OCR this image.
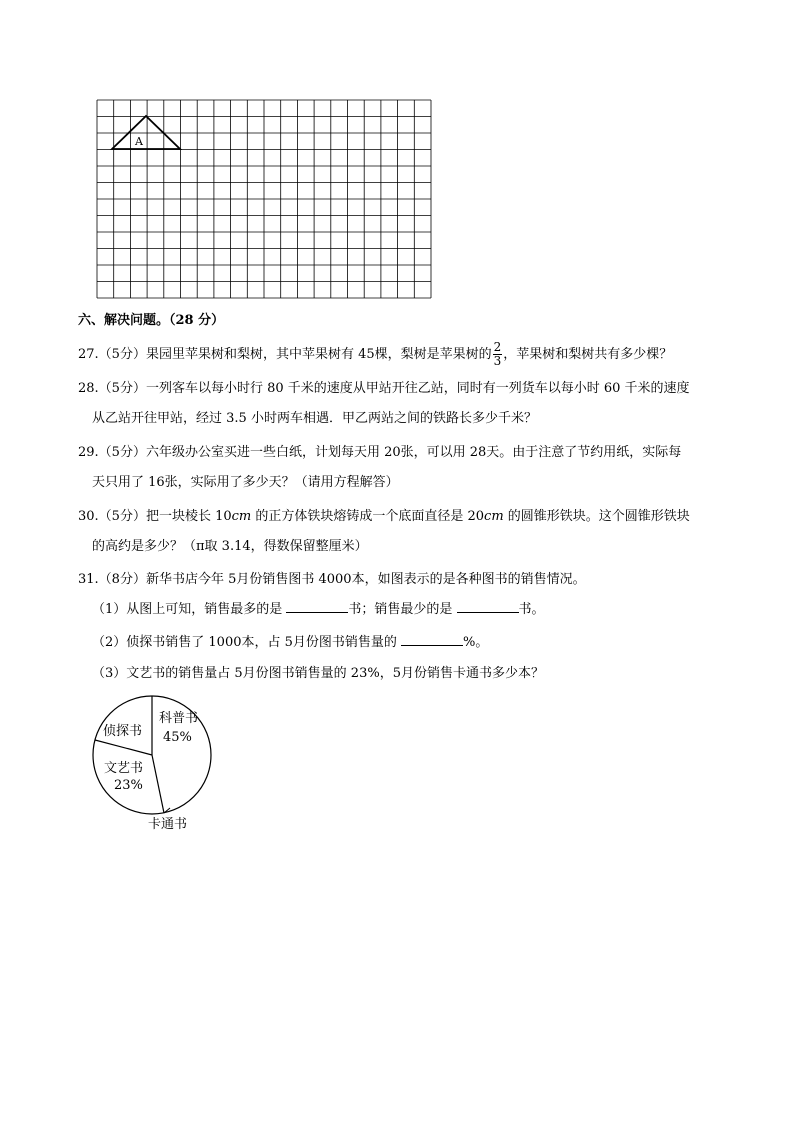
A
六、解决问题。（28 分）
27.（5分）果园里苹果树和梨树，其中苹果树有 45棵，梨树是苹果树的 $\frac{2}{3}$ ，苹果树和梨树共有多少棵？
28.（5分）一列客车以每小时行 80 千米的速度从甲站开往乙站，同时有一列货车以每小时 60 千米的速度
从乙站开往甲站，经过 3.5 小时两车相遇．甲乙两站之间的铁路长多少千米？
29.（5分）六年级办公室买进一些白纸，计划每天用 20张，可以用 28天。由于注意了节约用纸，实际每
天只用了 16张，实际用了多少天？（请用方程解答）
30.（5分）把一块棱长 10cm 的正方体铁块熔铸成一个底面直径是 20cm 的圆锥形铁块。这个圆锥形铁块
的高约是多少？（π取 3.14，得数保留整厘米）
31.（8分）新华书店今年 5月份销售图书 4000本，如图表示的是各种图书的销售情况。
（1）从图上可知，销售最多的是	书；销售最少的是	书。
（2）侦探书销售了 1000本，占 5月份图书销售量的	%。
（3）文艺书的销售量占 5月份图书销售量的 23%，5月份销售卡通书多少本？
科普书
45%
侦探书
文艺书
23%
卡通书
